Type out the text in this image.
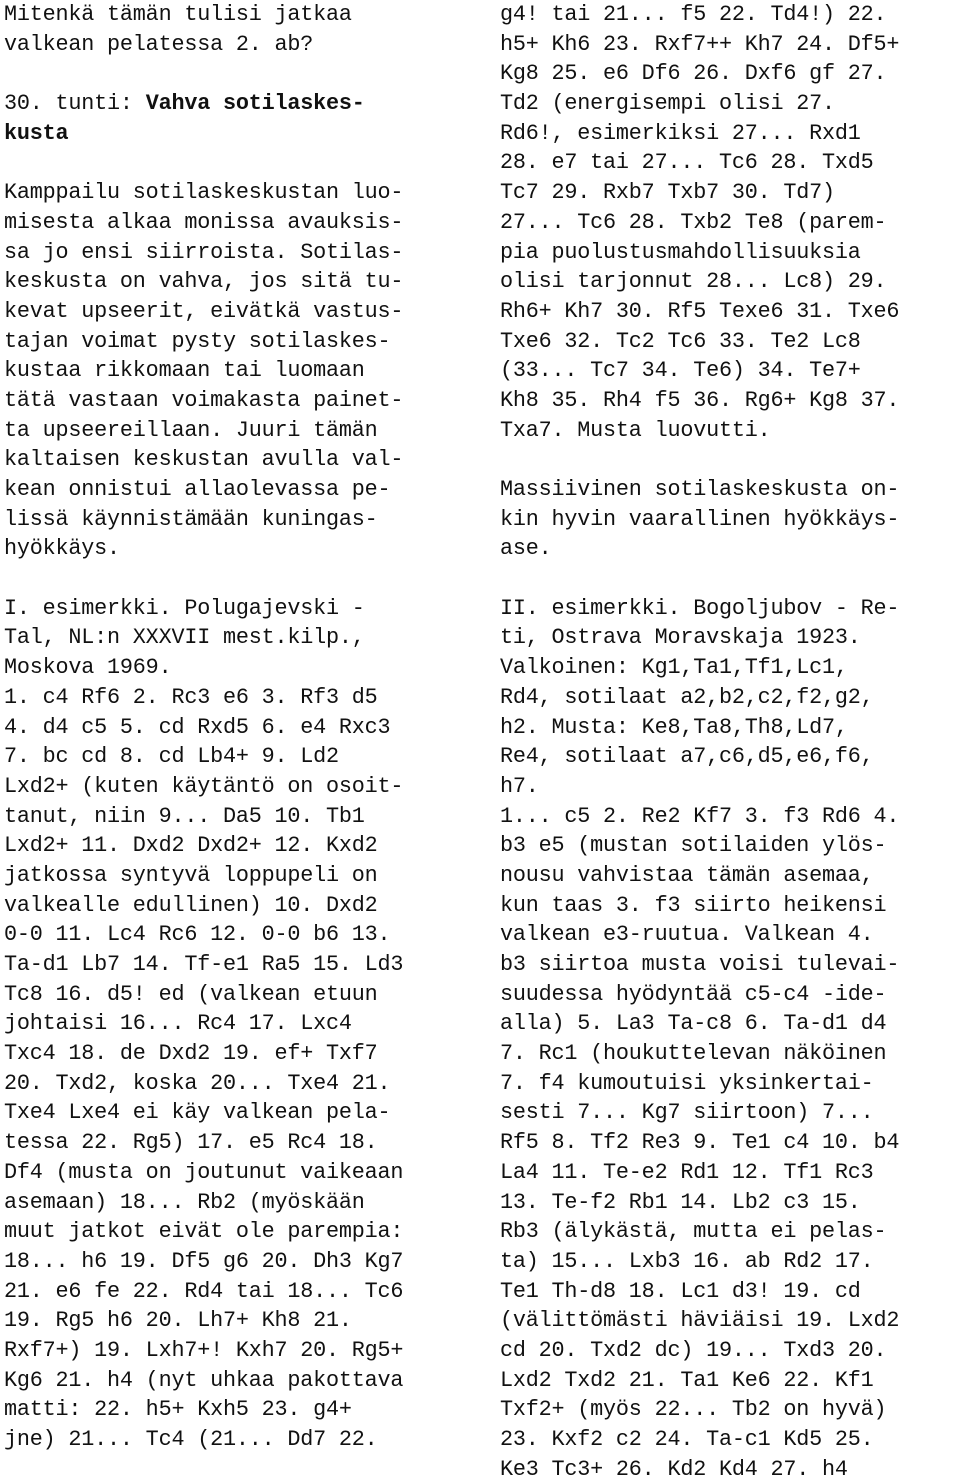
Mitenkä tämän tulisi jatkaa
valkean pelatessa 2. ab?
30. tunti: Vahva sotilaskes-
kusta
Kamppailu sotilaskeskustan luo-
misesta alkaa monissa avauksis-
sa jo ensi siirroista. Sotilas-
keskusta on vahva, jos sitä tu-
kevat upseerit, eivätkä vastus-
tajan voimat pysty sotilaskes-
kustaa rikkomaan tai luomaan
tätä vastaan voimakasta painet-
ta upseereillaan. Juuri tämän
kaltaisen keskustan avulla val-
kean onnistui allaolevassa pe-
lissä käynnistämään kuningas-
hyökkäys.
I. esimerkki. Polugajevski -
Tal, NL:n XXXVII mest.kilp.,
Moskova 1969.
1. c4 Rf6 2. Rc3 e6 3. Rf3 d5
4. d4 c5 5. cd Rxd5 6. e4 Rxc3
7. bc cd 8. cd Lb4+ 9. Ld2
Lxd2+ (kuten käytäntö on osoit-
tanut, niin 9... Da5 10. Tb1
Lxd2+ 11. Dxd2 Dxd2+ 12. Kxd2
jatkossa syntyvä loppupeli on
valkealle edullinen) 10. Dxd2
0-0 11. Lc4 Rc6 12. 0-0 b6 13.
Ta-d1 Lb7 14. Tf-e1 Ra5 15. Ld3
Tc8 16. d5! ed (valkean etuun
johtaisi 16... Rc4 17. Lxc4
Txc4 18. de Dxd2 19. ef+ Txf7
20. Txd2, koska 20... Txe4 21.
Txe4 Lxe4 ei käy valkean pela-
tessa 22. Rg5) 17. e5 Rc4 18.
Df4 (musta on joutunut vaikeaan
asemaan) 18... Rb2 (myöskään
muut jatkot eivät ole parempia:
18... h6 19. Df5 g6 20. Dh3 Kg7
21. e6 fe 22. Rd4 tai 18... Tc6
19. Rg5 h6 20. Lh7+ Kh8 21.
Rxf7+) 19. Lxh7+! Kxh7 20. Rg5+
Kg6 21. h4 (nyt uhkaa pakottava
matti: 22. h5+ Kxh5 23. g4+
jne) 21... Tc4 (21... Dd7 22.
g4! tai 21... f5 22. Td4!) 22.
h5+ Kh6 23. Rxf7++ Kh7 24. Df5+
Kg8 25. e6 Df6 26. Dxf6 gf 27.
Td2 (energisempi olisi 27.
Rd6!, esimerkiksi 27... Rxd1
28. e7 tai 27... Tc6 28. Txd5
Tc7 29. Rxb7 Txb7 30. Td7)
27... Tc6 28. Txb2 Te8 (parem-
pia puolustusmahdollisuuksia
olisi tarjonnut 28... Lc8) 29.
Rh6+ Kh7 30. Rf5 Texe6 31. Txe6
Txe6 32. Tc2 Tc6 33. Te2 Lc8
(33... Tc7 34. Te6) 34. Te7+
Kh8 35. Rh4 f5 36. Rg6+ Kg8 37.
Txa7. Musta luovutti.
Massiivinen sotilaskeskusta on-
kin hyvin vaarallinen hyökkäys-
ase.
II. esimerkki. Bogoljubov - Re-
ti, Ostrava Moravskaja 1923.
Valkoinen: Kg1,Ta1,Tf1,Lc1,
Rd4, sotilaat a2,b2,c2,f2,g2,
h2. Musta: Ke8,Ta8,Th8,Ld7,
Re4, sotilaat a7,c6,d5,e6,f6,
h7.
1... c5 2. Re2 Kf7 3. f3 Rd6 4.
b3 e5 (mustan sotilaiden ylös-
nousu vahvistaa tämän asemaa,
kun taas 3. f3 siirto heikensi
valkean e3-ruutua. Valkean 4.
b3 siirtoa musta voisi tulevai-
suudessa hyödyntää c5-c4 -ide-
alla) 5. La3 Ta-c8 6. Ta-d1 d4
7. Rc1 (houkuttelevan näköinen
7. f4 kumoutuisi yksinkertai-
sesti 7... Kg7 siirtoon) 7...
Rf5 8. Tf2 Re3 9. Te1 c4 10. b4
La4 11. Te-e2 Rd1 12. Tf1 Rc3
13. Te-f2 Rb1 14. Lb2 c3 15.
Rb3 (älykästä, mutta ei pelas-
ta) 15... Lxb3 16. ab Rd2 17.
Te1 Th-d8 18. Lc1 d3! 19. cd
(välittömästi häviäisi 19. Lxd2
cd 20. Txd2 dc) 19... Txd3 20.
Lxd2 Txd2 21. Ta1 Ke6 22. Kf1
Txf2+ (myös 22... Tb2 on hyvä)
23. Kxf2 c2 24. Ta-c1 Kd5 25.
Ke3 Tc3+ 26. Kd2 Kd4 27. h4
